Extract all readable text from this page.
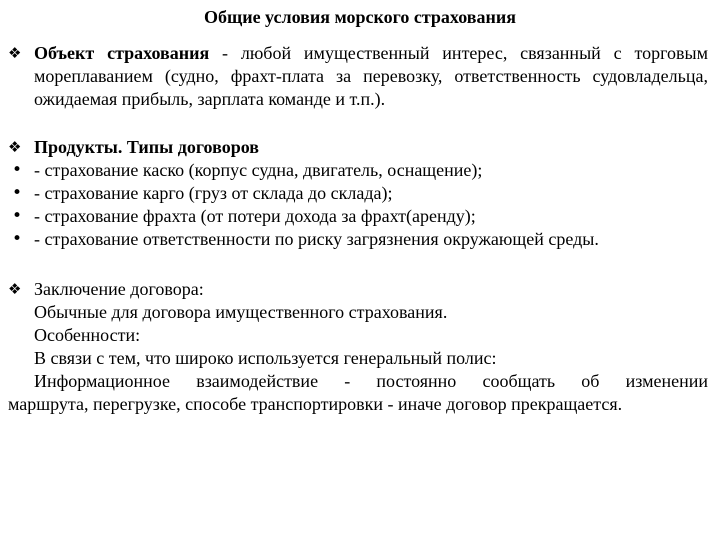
Общие условия морского страхования
❖ Объект страхования - любой имущественный интерес, связанный с торговым мореплаванием (судно, фрахт-плата за перевозку, ответственность судовладельца, ожидаемая прибыль, зарплата команде и т.п.).
❖ Продукты. Типы договоров
• - страхование каско (корпус судна, двигатель, оснащение);
• - страхование карго (груз от склада до склада);
• - страхование фрахта (от потери дохода за фрахт(аренду);
• - страхование ответственности по риску загрязнения окружающей среды.
❖ Заключение договора:
Обычные для договора имущественного страхования.
Особенности:
В связи с тем, что широко используется генеральный полис:
Информационное взаимодействие - постоянно сообщать об изменении
маршрута, перегрузке, способе транспортировки - иначе договор прекращается.
